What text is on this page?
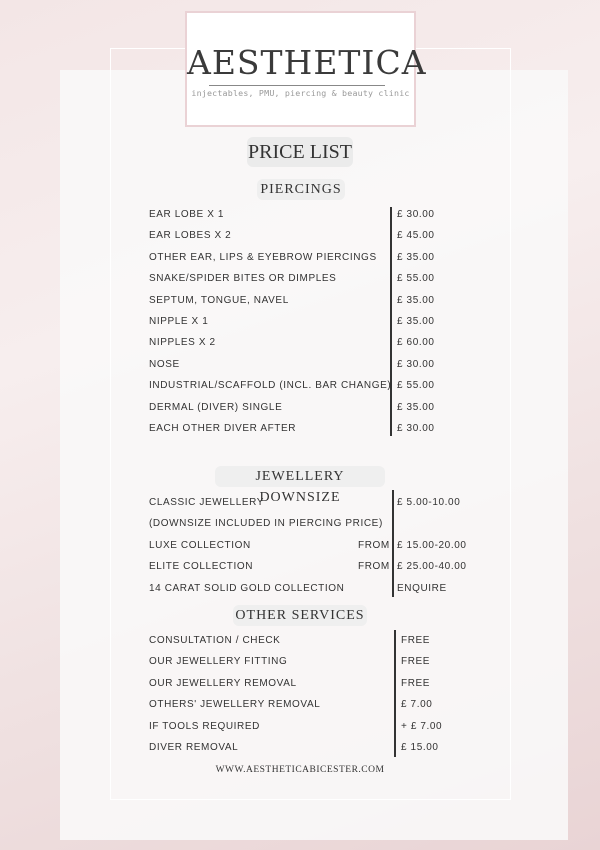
AESTHETICA
injectables, PMU, piercing & beauty clinic
PRICE LIST
PIERCINGS
JEWELLERY DOWNSIZE
OTHER SERVICES
EAR LOBE X 1	£ 30.00
EAR LOBES X 2	£ 45.00
OTHER EAR, LIPS & EYEBROW PIERCINGS £ 35.00
SNAKE/SPIDER BITES OR DIMPLES	£ 55.00
SEPTUM, TONGUE, NAVEL	£ 35.00
NIPPLE X 1	£ 35.00
NIPPLES X 2	£ 60.00
NOSE	£ 30.00
INDUSTRIAL/SCAFFOLD (INCL. BAR CHANGE) £ 55.00
DERMAL (DIVER) SINGLE	£ 35.00
EACH OTHER DIVER AFTER	£ 30.00
CLASSIC JEWELLERY	£ 5.00-10.00
(DOWNSIZE INCLUDED IN PIERCING PRICE)
LUXE COLLECTION	FROM £ 15.00-20.00
ELITE COLLECTION	FROM £ 25.00-40.00
14 CARAT SOLID GOLD COLLECTION	ENQUIRE
CONSULTATION / CHECK	FREE
OUR JEWELLERY FITTING	FREE
OUR JEWELLERY REMOVAL	FREE
OTHERS' JEWELLERY REMOVAL	£ 7.00
IF TOOLS REQUIRED	+ £ 7.00
DIVER REMOVAL	£ 15.00
WWW.AESTHETICABICESTER.COM
